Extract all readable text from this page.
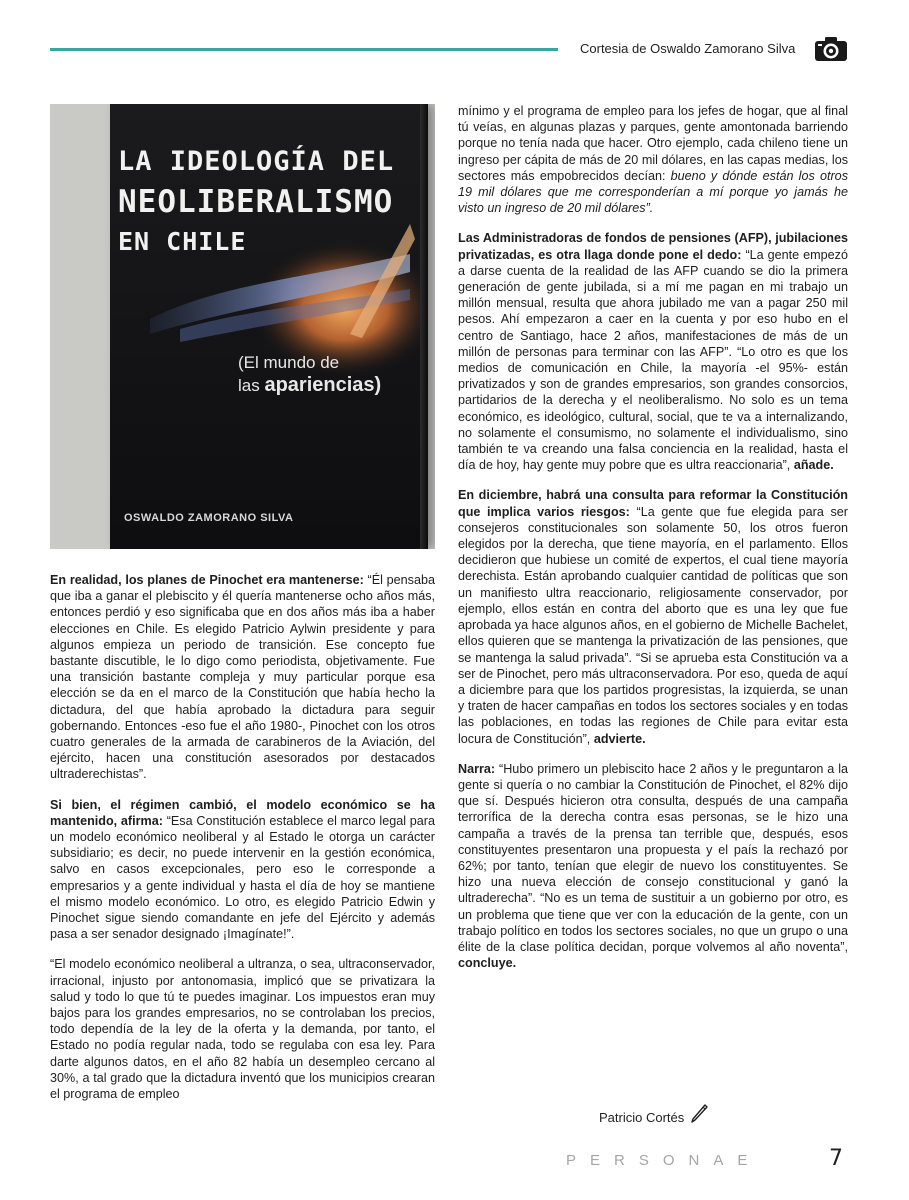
Cortesia de Oswaldo Zamorano Silva
LA IDEOLOGÍA DEL
NEOLIBERALISMO
EN CHILE
(El mundo de
las apariencias)
OSWALDO ZAMORANO SILVA

En realidad, los planes de Pinochet era mantenerse: “Él pensaba que iba a ganar el plebiscito y él quería mantenerse ocho años más, entonces perdió y eso significaba que en dos años más iba a haber elecciones en Chile. Es elegido Patricio Aylwin presidente y para algunos empieza un periodo de transición. Ese concepto fue bastante discutible, le lo digo como periodista, objetivamente. Fue una transición bastante compleja y muy particular porque esa elección se da en el marco de la Constitución que había hecho la dictadura, del que había aprobado la dictadura para seguir gobernando. Entonces -eso fue el año 1980-, Pinochet con los otros cuatro generales de la armada de carabineros de la Aviación, del ejército, hacen una constitución asesorados por destacados ultraderechistas”.

Si bien, el régimen cambió, el modelo económico se ha mantenido, afirma: “Esa Constitución establece el marco legal para un modelo económico neoliberal y al Estado le otorga un carácter subsidiario; es decir, no puede intervenir en la gestión económica, salvo en casos excepcionales, pero eso le corresponde a empresarios y a gente individual y hasta el día de hoy se mantiene el mismo modelo económico. Lo otro, es elegido Patricio Edwin y Pinochet sigue siendo comandante en jefe del Ejército y además pasa a ser senador designado ¡Imagínate!”.

“El modelo económico neoliberal a ultranza, o sea, ultraconservador, irracional, injusto por antonomasia, implicó que se privatizara la salud y todo lo que tú te puedes imaginar. Los impuestos eran muy bajos para los grandes empresarios, no se controlaban los precios, todo dependía de la ley de la oferta y la demanda, por tanto, el Estado no podía regular nada, todo se regulaba con esa ley. Para darte algunos datos, en el año 82 había un desempleo cercano al 30%, a tal grado que la dictadura inventó que los municipios crearan el programa de empleo

mínimo y el programa de empleo para los jefes de hogar, que al final tú veías, en algunas plazas y parques, gente amontonada barriendo porque no tenía nada que hacer. Otro ejemplo, cada chileno tiene un ingreso per cápita de más de 20 mil dólares, en las capas medias, los sectores más empobrecidos decían: bueno y dónde están los otros 19 mil dólares que me corresponderían a mí porque yo jamás he visto un ingreso de 20 mil dólares”.

Las Administradoras de fondos de pensiones (AFP), jubilaciones privatizadas, es otra llaga donde pone el dedo: “La gente empezó a darse cuenta de la realidad de las AFP cuando se dio la primera generación de gente jubilada, si a mí me pagan en mi trabajo un millón mensual, resulta que ahora jubilado me van a pagar 250 mil pesos. Ahí empezaron a caer en la cuenta y por eso hubo en el centro de Santiago, hace 2 años, manifestaciones de más de un millón de personas para terminar con las AFP”. “Lo otro es que los medios de comunicación en Chile, la mayoría -el 95%- están privatizados y son de grandes empresarios, son grandes consorcios, partidarios de la derecha y el neoliberalismo. No solo es un tema económico, es ideológico, cultural, social, que te va a internalizando, no solamente el consumismo, no solamente el individualismo, sino también te va creando una falsa conciencia en la realidad, hasta el día de hoy, hay gente muy pobre que es ultra reaccionaria”, añade.

En diciembre, habrá una consulta para reformar la Constitución que implica varios riesgos: “La gente que fue elegida para ser consejeros constitucionales son solamente 50, los otros fueron elegidos por la derecha, que tiene mayoría, en el parlamento. Ellos decidieron que hubiese un comité de expertos, el cual tiene mayoría derechista. Están aprobando cualquier cantidad de políticas que son un manifiesto ultra reaccionario, religiosamente conservador, por ejemplo, ellos están en contra del aborto que es una ley que fue aprobada ya hace algunos años, en el gobierno de Michelle Bachelet, ellos quieren que se mantenga la privatización de las pensiones, que se mantenga la salud privada”. “Si se aprueba esta Constitución va a ser de Pinochet, pero más ultraconservadora. Por eso, queda de aquí a diciembre para que los partidos progresistas, la izquierda, se unan y traten de hacer campañas en todos los sectores sociales y en todas las poblaciones, en todas las regiones de Chile para evitar esta locura de Constitución”, advierte.

Narra: “Hubo primero un plebiscito hace 2 años y le preguntaron a la gente si quería o no cambiar la Constitución de Pinochet, el 82% dijo que sí. Después hicieron otra consulta, después de una campaña terrorífica de la derecha contra esas personas, se le hizo una campaña a través de la prensa tan terrible que, después, esos constituyentes presentaron una propuesta y el país la rechazó por 62%; por tanto, tenían que elegir de nuevo los constituyentes. Se hizo una nueva elección de consejo constitucional y ganó la ultraderecha”. “No es un tema de sustituir a un gobierno por otro, es un problema que tiene que ver con la educación de la gente, con un trabajo político en todos los sectores sociales, no que un grupo o una élite de la clase política decidan, porque volvemos al año noventa”, concluye.

Patricio Cortés
PERSONAE	7
